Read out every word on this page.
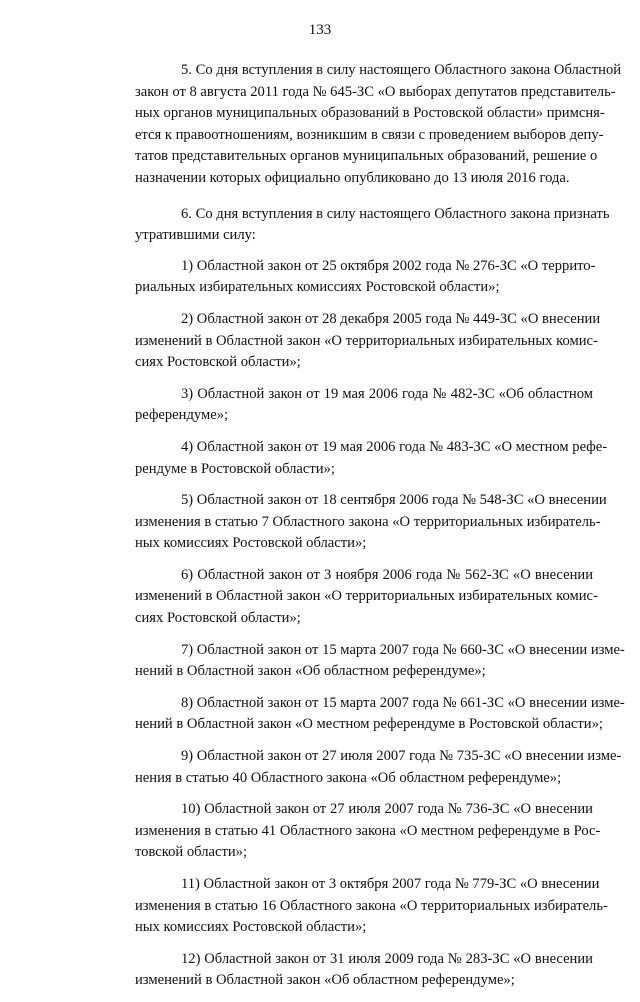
133

5. Со дня вступления в силу настоящего Областного закона Областной
закон от 8 августа 2011 года № 645-ЗС «О выборах депутатов представитель-
ных органов муниципальных образований в Ростовской области» примсня-
ется к правоотношениям, возникшим в связи с проведением выборов депу-
татов представительных органов муниципальных образований, решение о
назначении которых официально опубликовано до 13 июля 2016 года.

6. Со дня вступления в силу настоящего Областного закона признать
утратившими силу:

1) Областной закон от 25 октября 2002 года № 276-ЗС «О террито-
риальных избирательных комиссиях Ростовской области»;

2) Областной закон от 28 декабря 2005 года № 449-ЗС «О внесении
изменений в Областной закон «О территориальных избирательных комис-
сиях Ростовской области»;

3) Областной закон от 19 мая 2006 года № 482-ЗС «Об областном
референдуме»;

4) Областной закон от 19 мая 2006 года № 483-ЗС «О местном рефе-
рендуме в Ростовской области»;

5) Областной закон от 18 сентября 2006 года № 548-ЗС «О внесении
изменения в статью 7 Областного закона «О территориальных избиратель-
ных комиссиях Ростовской области»;

6) Областной закон от 3 ноября 2006 года № 562-ЗС «О внесении
изменений в Областной закон «О территориальных избирательных комис-
сиях Ростовской области»;

7) Областной закон от 15 марта 2007 года № 660-ЗС «О внесении изме-
нений в Областной закон «Об областном референдуме»;

8) Областной закон от 15 марта 2007 года № 661-ЗС «О внесении изме-
нений в Областной закон «О местном референдуме в Ростовской области»;

9) Областной закон от 27 июля 2007 года № 735-ЗС «О внесении изме-
нения в статью 40 Областного закона «Об областном референдуме»;

10) Областной закон от 27 июля 2007 года № 736-ЗС «О внесении
изменения в статью 41 Областного закона «О местном референдуме в Рос-
товской области»;

11) Областной закон от 3 октября 2007 года № 779-ЗС «О внесении
изменения в статью 16 Областного закона «О территориальных избиратель-
ных комиссиях Ростовской области»;

12) Областной закон от 31 июля 2009 года № 283-ЗС «О внесении
изменений в Областной закон «Об областном референдуме»;
